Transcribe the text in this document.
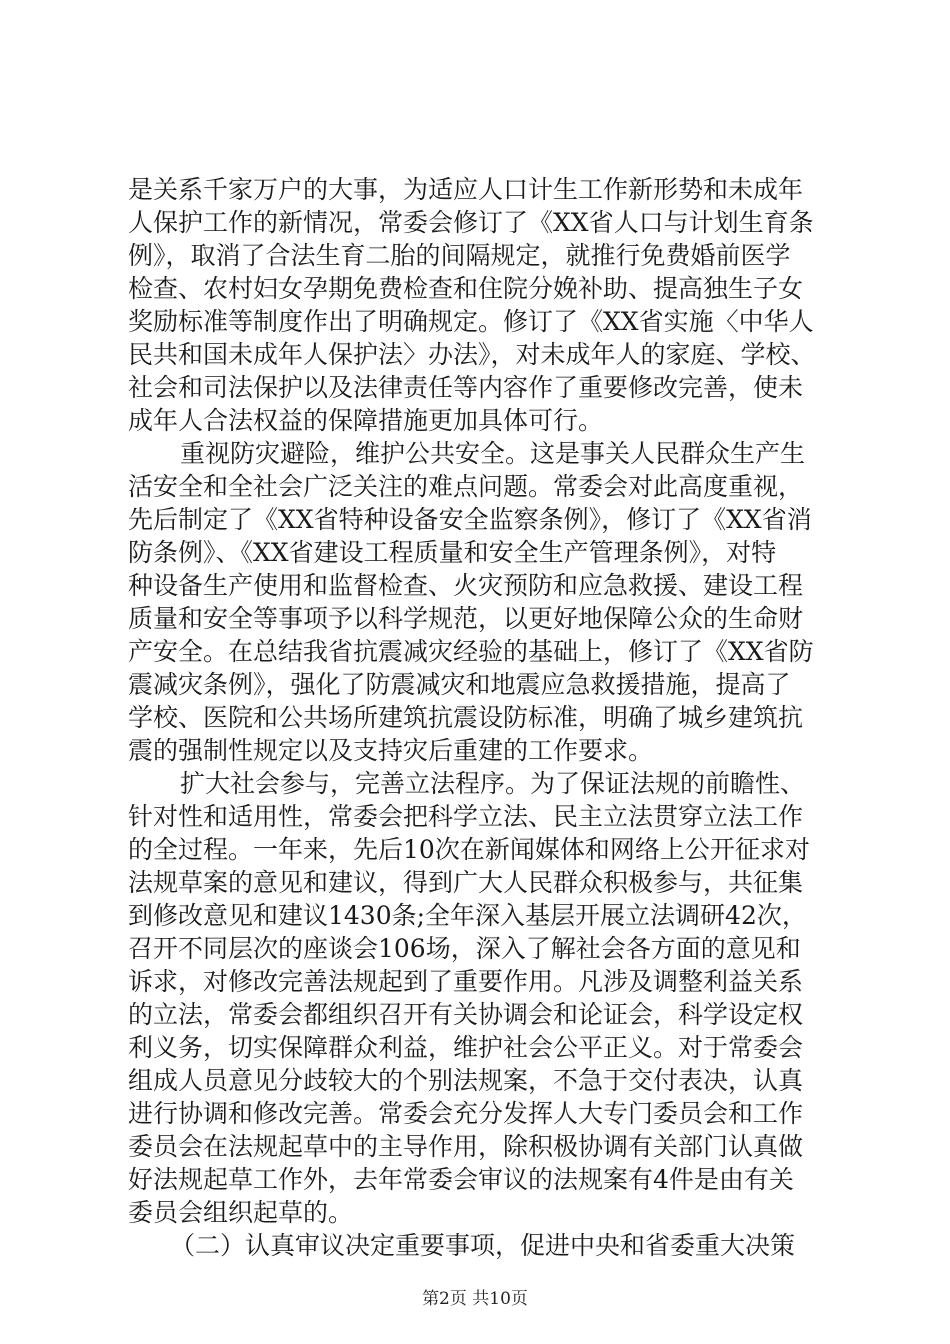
是关系千家万户的大事，为适应人口计生工作新形势和未成年
人保护工作的新情况，常委会修订了《XX省人口与计划生育条
例》，取消了合法生育二胎的间隔规定，就推行免费婚前医学
检查、农村妇女孕期免费检查和住院分娩补助、提高独生子女
奖励标准等制度作出了明确规定。修订了《XX省实施〈中华人
民共和国未成年人保护法〉办法》，对未成年人的家庭、学校、
社会和司法保护以及法律责任等内容作了重要修改完善，使未
成年人合法权益的保障措施更加具体可行。
重视防灾避险，维护公共安全。这是事关人民群众生产生
活安全和全社会广泛关注的难点问题。常委会对此高度重视，
先后制定了《XX省特种设备安全监察条例》，修订了《XX省消
防条例》、《XX省建设工程质量和安全生产管理条例》，对特
种设备生产使用和监督检查、火灾预防和应急救援、建设工程
质量和安全等事项予以科学规范，以更好地保障公众的生命财
产安全。在总结我省抗震减灾经验的基础上，修订了《XX省防
震减灾条例》，强化了防震减灾和地震应急救援措施，提高了
学校、医院和公共场所建筑抗震设防标准，明确了城乡建筑抗
震的强制性规定以及支持灾后重建的工作要求。
扩大社会参与，完善立法程序。为了保证法规的前瞻性、
针对性和适用性，常委会把科学立法、民主立法贯穿立法工作
的全过程。一年来，先后10次在新闻媒体和网络上公开征求对
法规草案的意见和建议，得到广大人民群众积极参与，共征集
到修改意见和建议1430条;全年深入基层开展立法调研42次，
召开不同层次的座谈会106场，深入了解社会各方面的意见和
诉求，对修改完善法规起到了重要作用。凡涉及调整利益关系
的立法，常委会都组织召开有关协调会和论证会，科学设定权
利义务，切实保障群众利益，维护社会公平正义。对于常委会
组成人员意见分歧较大的个别法规案，不急于交付表决，认真
进行协调和修改完善。常委会充分发挥人大专门委员会和工作
委员会在法规起草中的主导作用，除积极协调有关部门认真做
好法规起草工作外，去年常委会审议的法规案有4件是由有关
委员会组织起草的。
（二）认真审议决定重要事项，促进中央和省委重大决策
第2页 共10页
